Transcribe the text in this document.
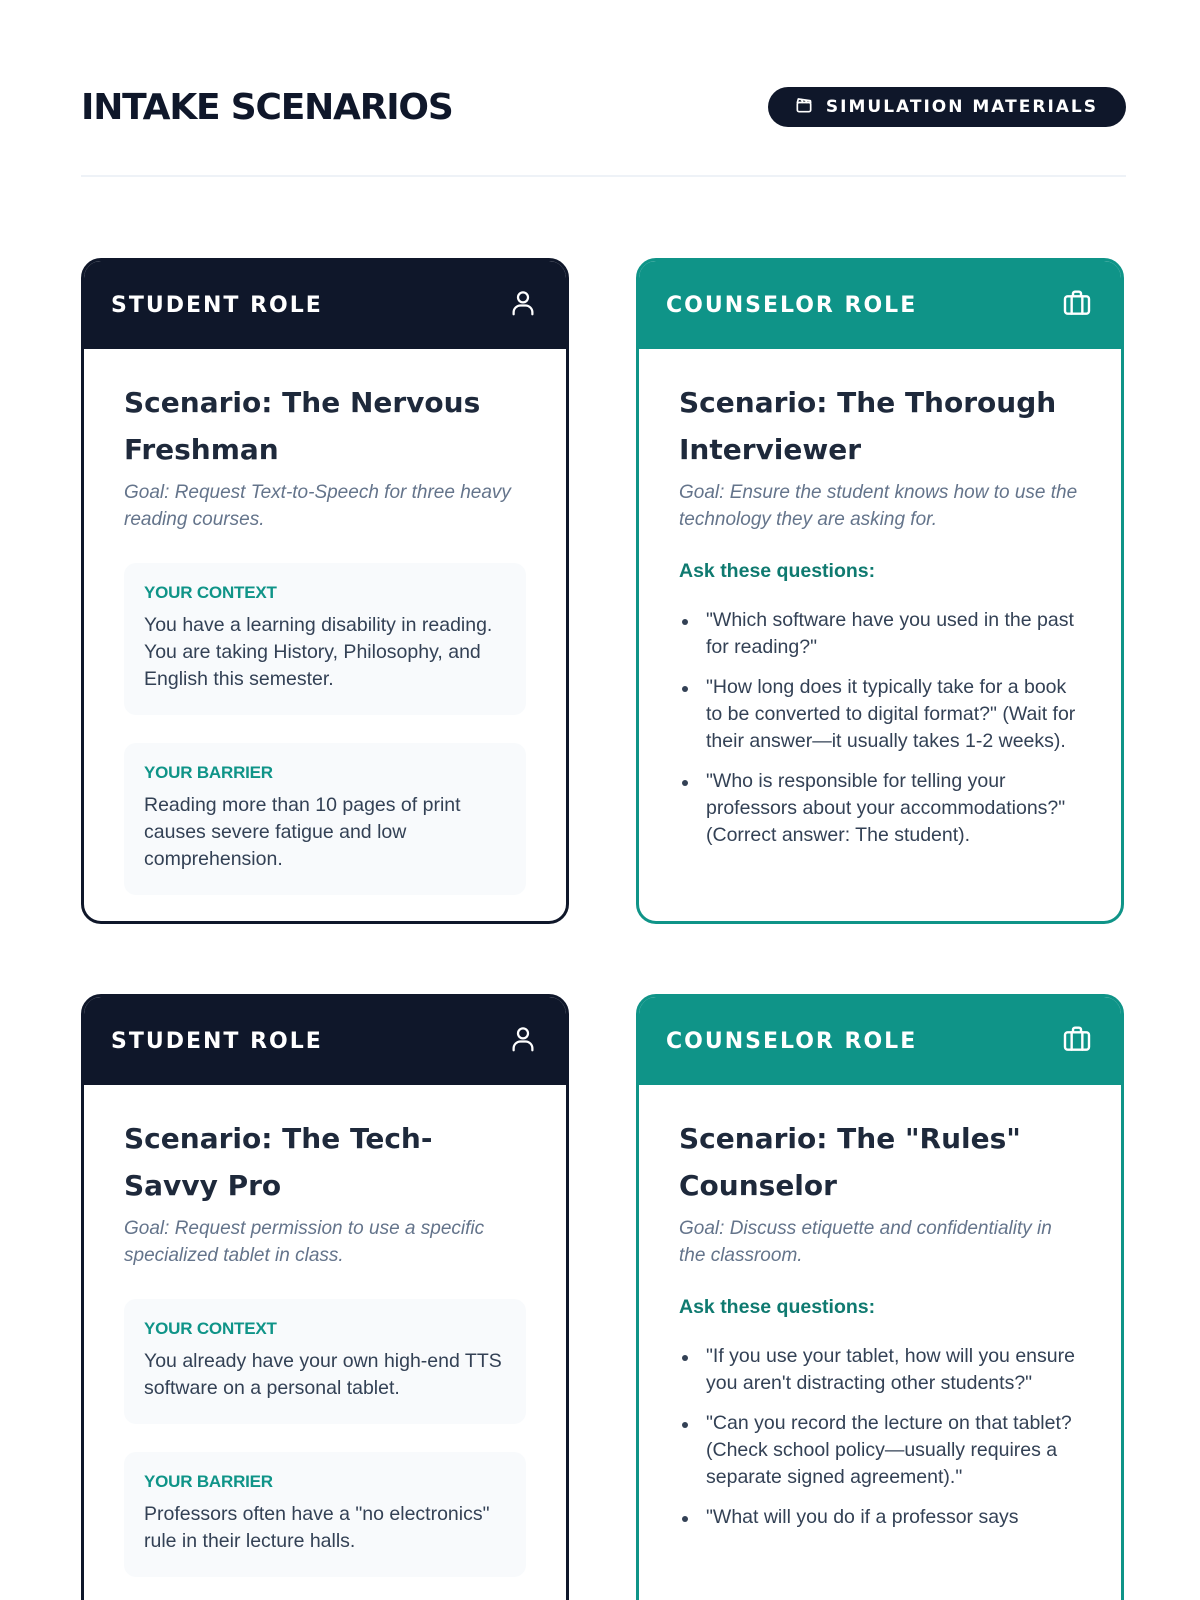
INTAKE SCENARIOS	SIMULATION MATERIALS
STUDENT ROLE
Scenario: The Nervous Freshman

Goal: Request Text-to-Speech for three heavy reading courses.

YOUR CONTEXT
You have a learning disability in reading. You are taking History, Philosophy, and English this semester.
YOUR BARRIER
Reading more than 10 pages of print causes severe fatigue and low comprehension.
COUNSELOR ROLE
Scenario: The Thorough Interviewer

Goal: Ensure the student knows how to use the technology they are asking for.

Ask these questions:
"Which software have you used in the past for reading?"
"How long does it typically take for a book to be converted to digital format?" (Wait for their answer—it usually takes 1-2 weeks).
"Who is responsible for telling your professors about your accommodations?" (Correct answer: The student).
STUDENT ROLE
Scenario: The Tech-Savvy Pro

Goal: Request permission to use a specific specialized tablet in class.

YOUR CONTEXT
You already have your own high-end TTS software on a personal tablet.
YOUR BARRIER
Professors often have a "no electronics" rule in their lecture halls.
COUNSELOR ROLE
Scenario: The "Rules" Counselor

Goal: Discuss etiquette and confidentiality in the classroom.

Ask these questions:
"If you use your tablet, how will you ensure you aren't distracting other students?"
"Can you record the lecture on that tablet? (Check school policy—usually requires a separate signed agreement)."
"What will you do if a professor says
